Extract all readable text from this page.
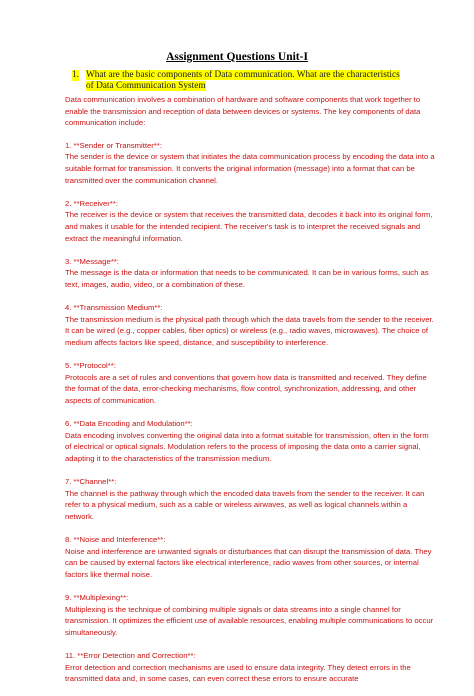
Assignment Questions Unit-I
1. What are the basic components of Data communication. What are the characteristics
of Data Communication System

Data communication involves a combination of hardware and software components that work together to enable the transmission and reception of data between devices or systems. The key components of data communication include:

1. **Sender or Transmitter**:
The sender is the device or system that initiates the data communication process by encoding the data into a suitable format for transmission. It converts the original information (message) into a format that can be transmitted over the communication channel.
2. **Receiver**:
The receiver is the device or system that receives the transmitted data, decodes it back into its original form, and makes it usable for the intended recipient. The receiver's task is to interpret the received signals and extract the meaningful information.
3. **Message**:
The message is the data or information that needs to be communicated. It can be in various forms, such as text, images, audio, video, or a combination of these.
4. **Transmission Medium**:
The transmission medium is the physical path through which the data travels from the sender to the receiver. It can be wired (e.g., copper cables, fiber optics) or wireless (e.g., radio waves, microwaves). The choice of medium affects factors like speed, distance, and susceptibility to interference.
5. **Protocol**:
Protocols are a set of rules and conventions that govern how data is transmitted and received. They define the format of the data, error-checking mechanisms, flow control, synchronization, addressing, and other aspects of communication.
6. **Data Encoding and Modulation**:
Data encoding involves converting the original data into a format suitable for transmission, often in the form of electrical or optical signals. Modulation refers to the process of imposing the data onto a carrier signal, adapting it to the characteristics of the transmission medium.
7. **Channel**:
The channel is the pathway through which the encoded data travels from the sender to the receiver. It can refer to a physical medium, such as a cable or wireless airwaves, as well as logical channels within a network.
8. **Noise and Interference**:
Noise and interference are unwanted signals or disturbances that can disrupt the transmission of data. They can be caused by external factors like electrical interference, radio waves from other sources, or internal factors like thermal noise.
9. **Multiplexing**:
Multiplexing is the technique of combining multiple signals or data streams into a single channel for transmission. It optimizes the efficient use of available resources, enabling multiple communications to occur simultaneously.
11. **Error Detection and Correction**:
Error detection and correction mechanisms are used to ensure data integrity. They detect errors in the transmitted data and, in some cases, can even correct these errors to ensure accurate
